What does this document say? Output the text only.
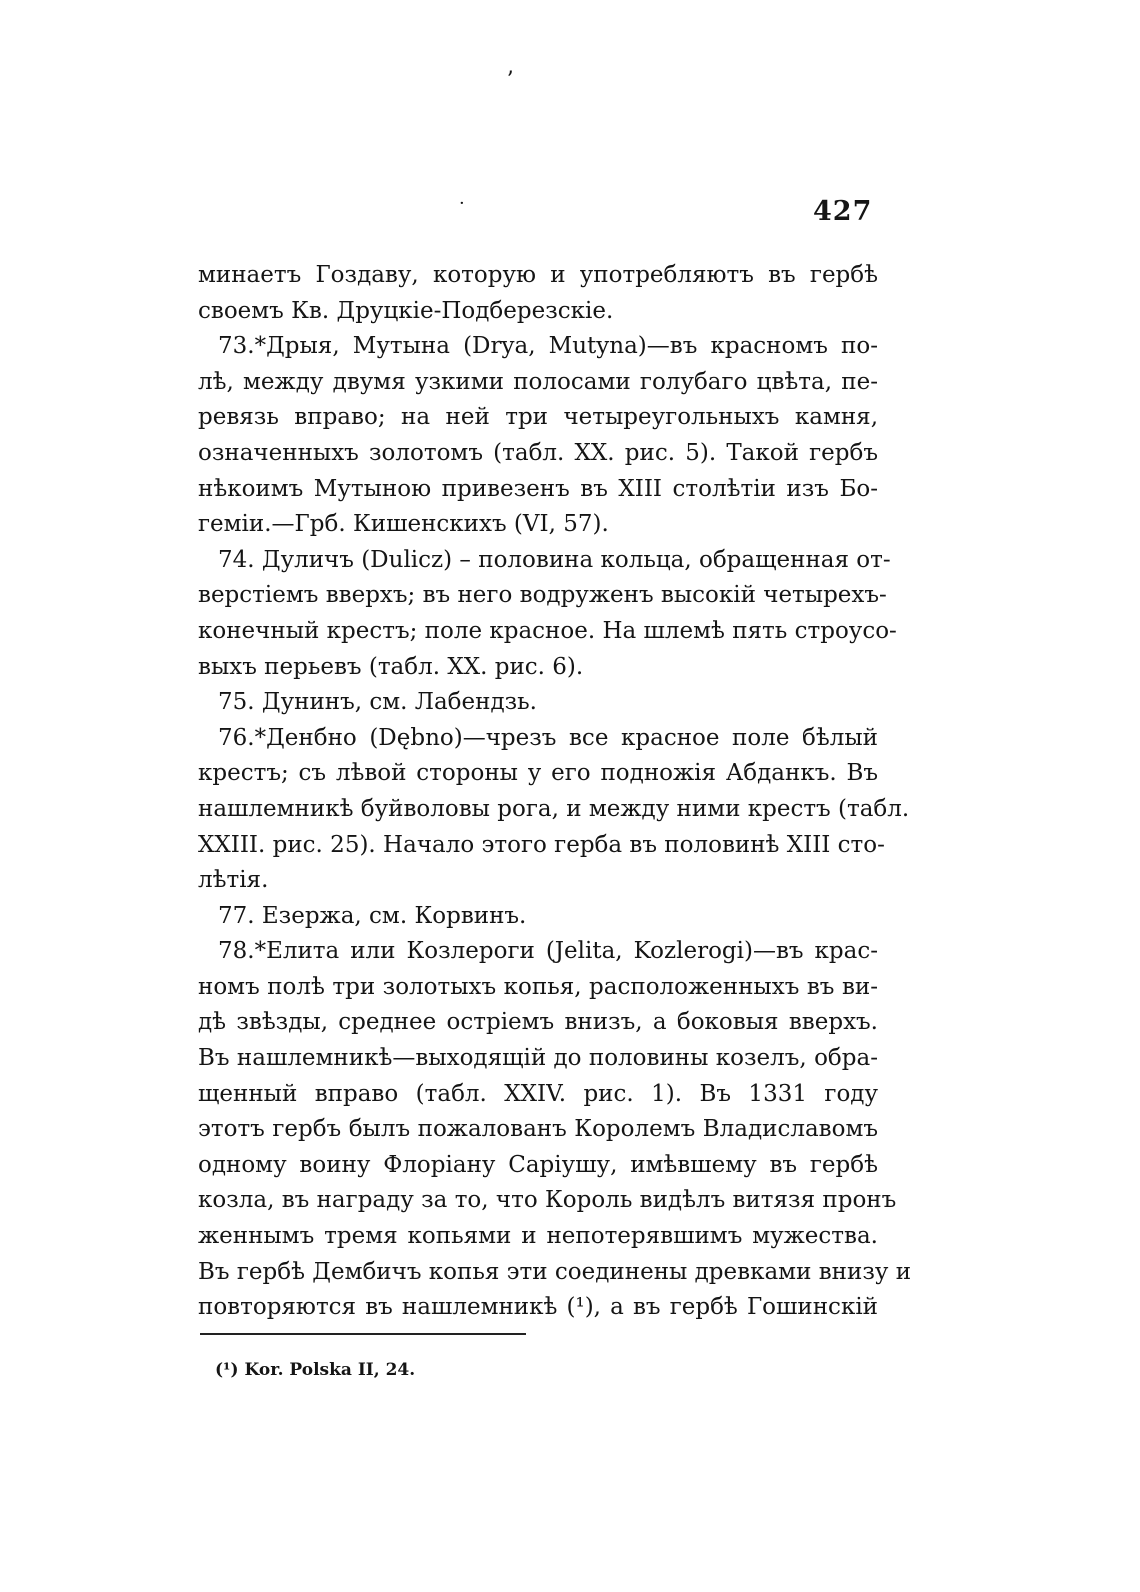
ʼ
·	427
минаетъ Гоздаву, которую и употребляютъ въ гербѣ
своемъ Кв. Друцкіе-Подберезскіе.
73.*Дрыя, Мутына (Drya, Mutyna)—въ красномъ по-
лѣ, между двумя узкими полосами голубаго цвѣта, пе-
ревязь вправо; на ней три четыреугольныхъ камня,
означенныхъ золотомъ (табл. XX. рис. 5). Такой гербъ
нѣкоимъ Мутыною привезенъ въ XIII столѣтіи изъ Бо-
геміи.—Грб. Кишенскихъ (VI, 57).
74. Дуличъ (Dulicz) – половина кольца, обращенная от-
верстіемъ вверхъ; въ него водруженъ высокій четырехъ-
конечный крестъ; поле красное. На шлемѣ пять строусо-
выхъ перьевъ (табл. XX. рис. 6).
75. Дунинъ, см. Лабендзь.
76.*Денбно (Dębno)—чрезъ все красное поле бѣлый
крестъ; съ лѣвой стороны у его подножія Абданкъ. Въ
нашлемникѣ буйволовы рога, и между ними крестъ (табл.
XXIII. рис. 25). Начало этого герба въ половинѣ XIII сто-
лѣтія.
77. Езержа, см. Корвинъ.
78.*Елита или Козлероги (Jelita, Kozlerogi)—въ крас-
номъ полѣ три золотыхъ копья, расположенныхъ въ ви-
дѣ звѣзды, среднее остріемъ внизъ, а боковыя вверхъ.
Въ нашлемникѣ—выходящій до половины козелъ, обра-
щенный вправо (табл. XXIV. рис. 1). Въ 1331 году
этотъ гербъ былъ пожалованъ Королемъ Владиславомъ
одному воину Флоріану Саріушу, имѣвшему въ гербѣ
козла, въ награду за то, что Король видѣлъ витязя пронъ
женнымъ тремя копьями и непотерявшимъ мужества.
Въ гербѣ Дембичъ копья эти соединены древками внизу и
повторяются въ нашлемникѣ (¹), а въ гербѣ Гошинскій
(¹) Kor. Polska II, 24.
